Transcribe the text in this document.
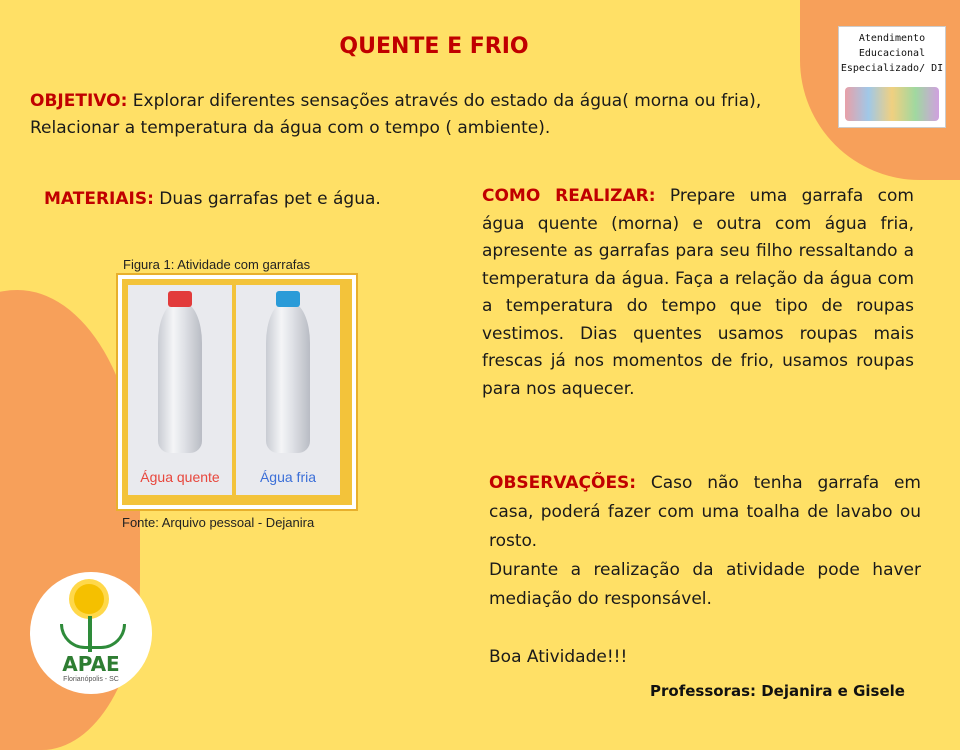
QUENTE E FRIO
OBJETIVO: Explorar diferentes sensações através do estado da água( morna ou fria), Relacionar a temperatura da água com o tempo ( ambiente).
MATERIAIS: Duas garrafas pet e água.
Figura 1: Atividade com garrafas
Água quente	Água fria
Fonte: Arquivo pessoal - Dejanira
COMO REALIZAR: Prepare uma garrafa com água quente (morna) e outra com água fria, apresente as garrafas para seu filho ressaltando a temperatura da água. Faça a relação da água com a temperatura do tempo que tipo de roupas vestimos. Dias quentes usamos roupas mais frescas já nos momentos de frio, usamos roupas para nos aquecer.

OBSERVAÇÕES: Caso não tenha garrafa em casa, poderá fazer com uma toalha de lavabo ou rosto.

Durante a realização da atividade pode haver mediação do responsável.

Boa Atividade!!!

Atendimento
Educacional
Especializado/ DI
APAE
Florianópolis - SC
Professoras: Dejanira e Gisele
